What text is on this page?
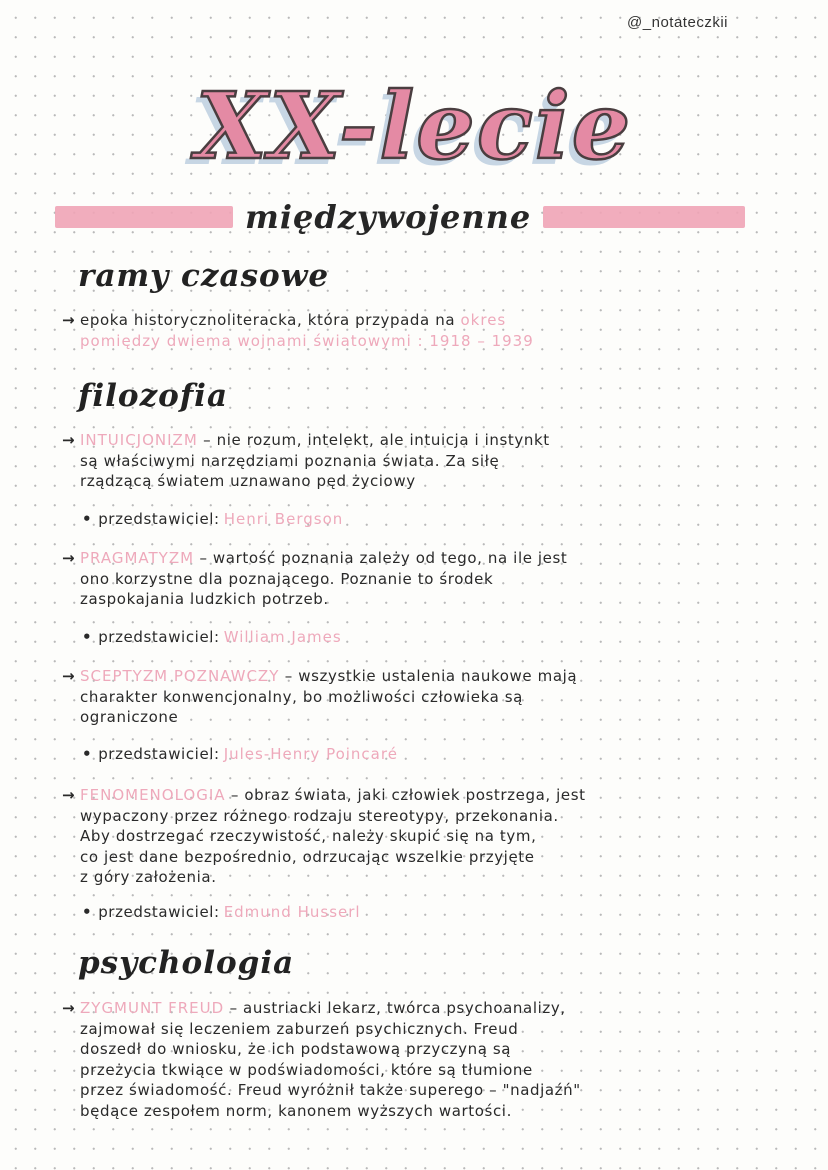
@_notateczkii
XX-lecie
międzywojenne
ramy czasowe
→ epoka historycznoliteracka, która przypada na okres
pomiędzy dwiema wojnami światowymi : 1918 – 1939
filozofia
→ INTUICJONIZM – nie rozum, intelekt, ale intuicja i instynkt
są właściwymi narzędziami poznania świata. Za siłę
rządzącą światem uznawano pęd życiowy
• przedstawiciel: Henri Bergson
→ PRAGMATYZM – wartość poznania zależy od tego, na ile jest
ono korzystne dla poznającego. Poznanie to środek
zaspokajania ludzkich potrzeb.
• przedstawiciel: William James
→ SCEPTYZM POZNAWCZY – wszystkie ustalenia naukowe mają
charakter konwencjonalny, bo możliwości człowieka są
ograniczone
• przedstawiciel: Jules-Henry Poincaré
→ FENOMENOLOGIA – obraz świata, jaki człowiek postrzega, jest
wypaczony przez różnego rodzaju stereotypy, przekonania.
Aby dostrzegać rzeczywistość, należy skupić się na tym,
co jest dane bezpośrednio, odrzucając wszelkie przyjęte
z góry założenia.
• przedstawiciel: Edmund Husserl
psychologia
→ ZYGMUNT FREUD – austriacki lekarz, twórca psychoanalizy,
zajmował się leczeniem zaburzeń psychicznych. Freud
doszedł do wniosku, że ich podstawową przyczyną są
przeżycia tkwiące w podświadomości, które są tłumione
przez świadomość. Freud wyróżnił także superego – "nadjaźń"
będące zespołem norm, kanonem wyższych wartości.
